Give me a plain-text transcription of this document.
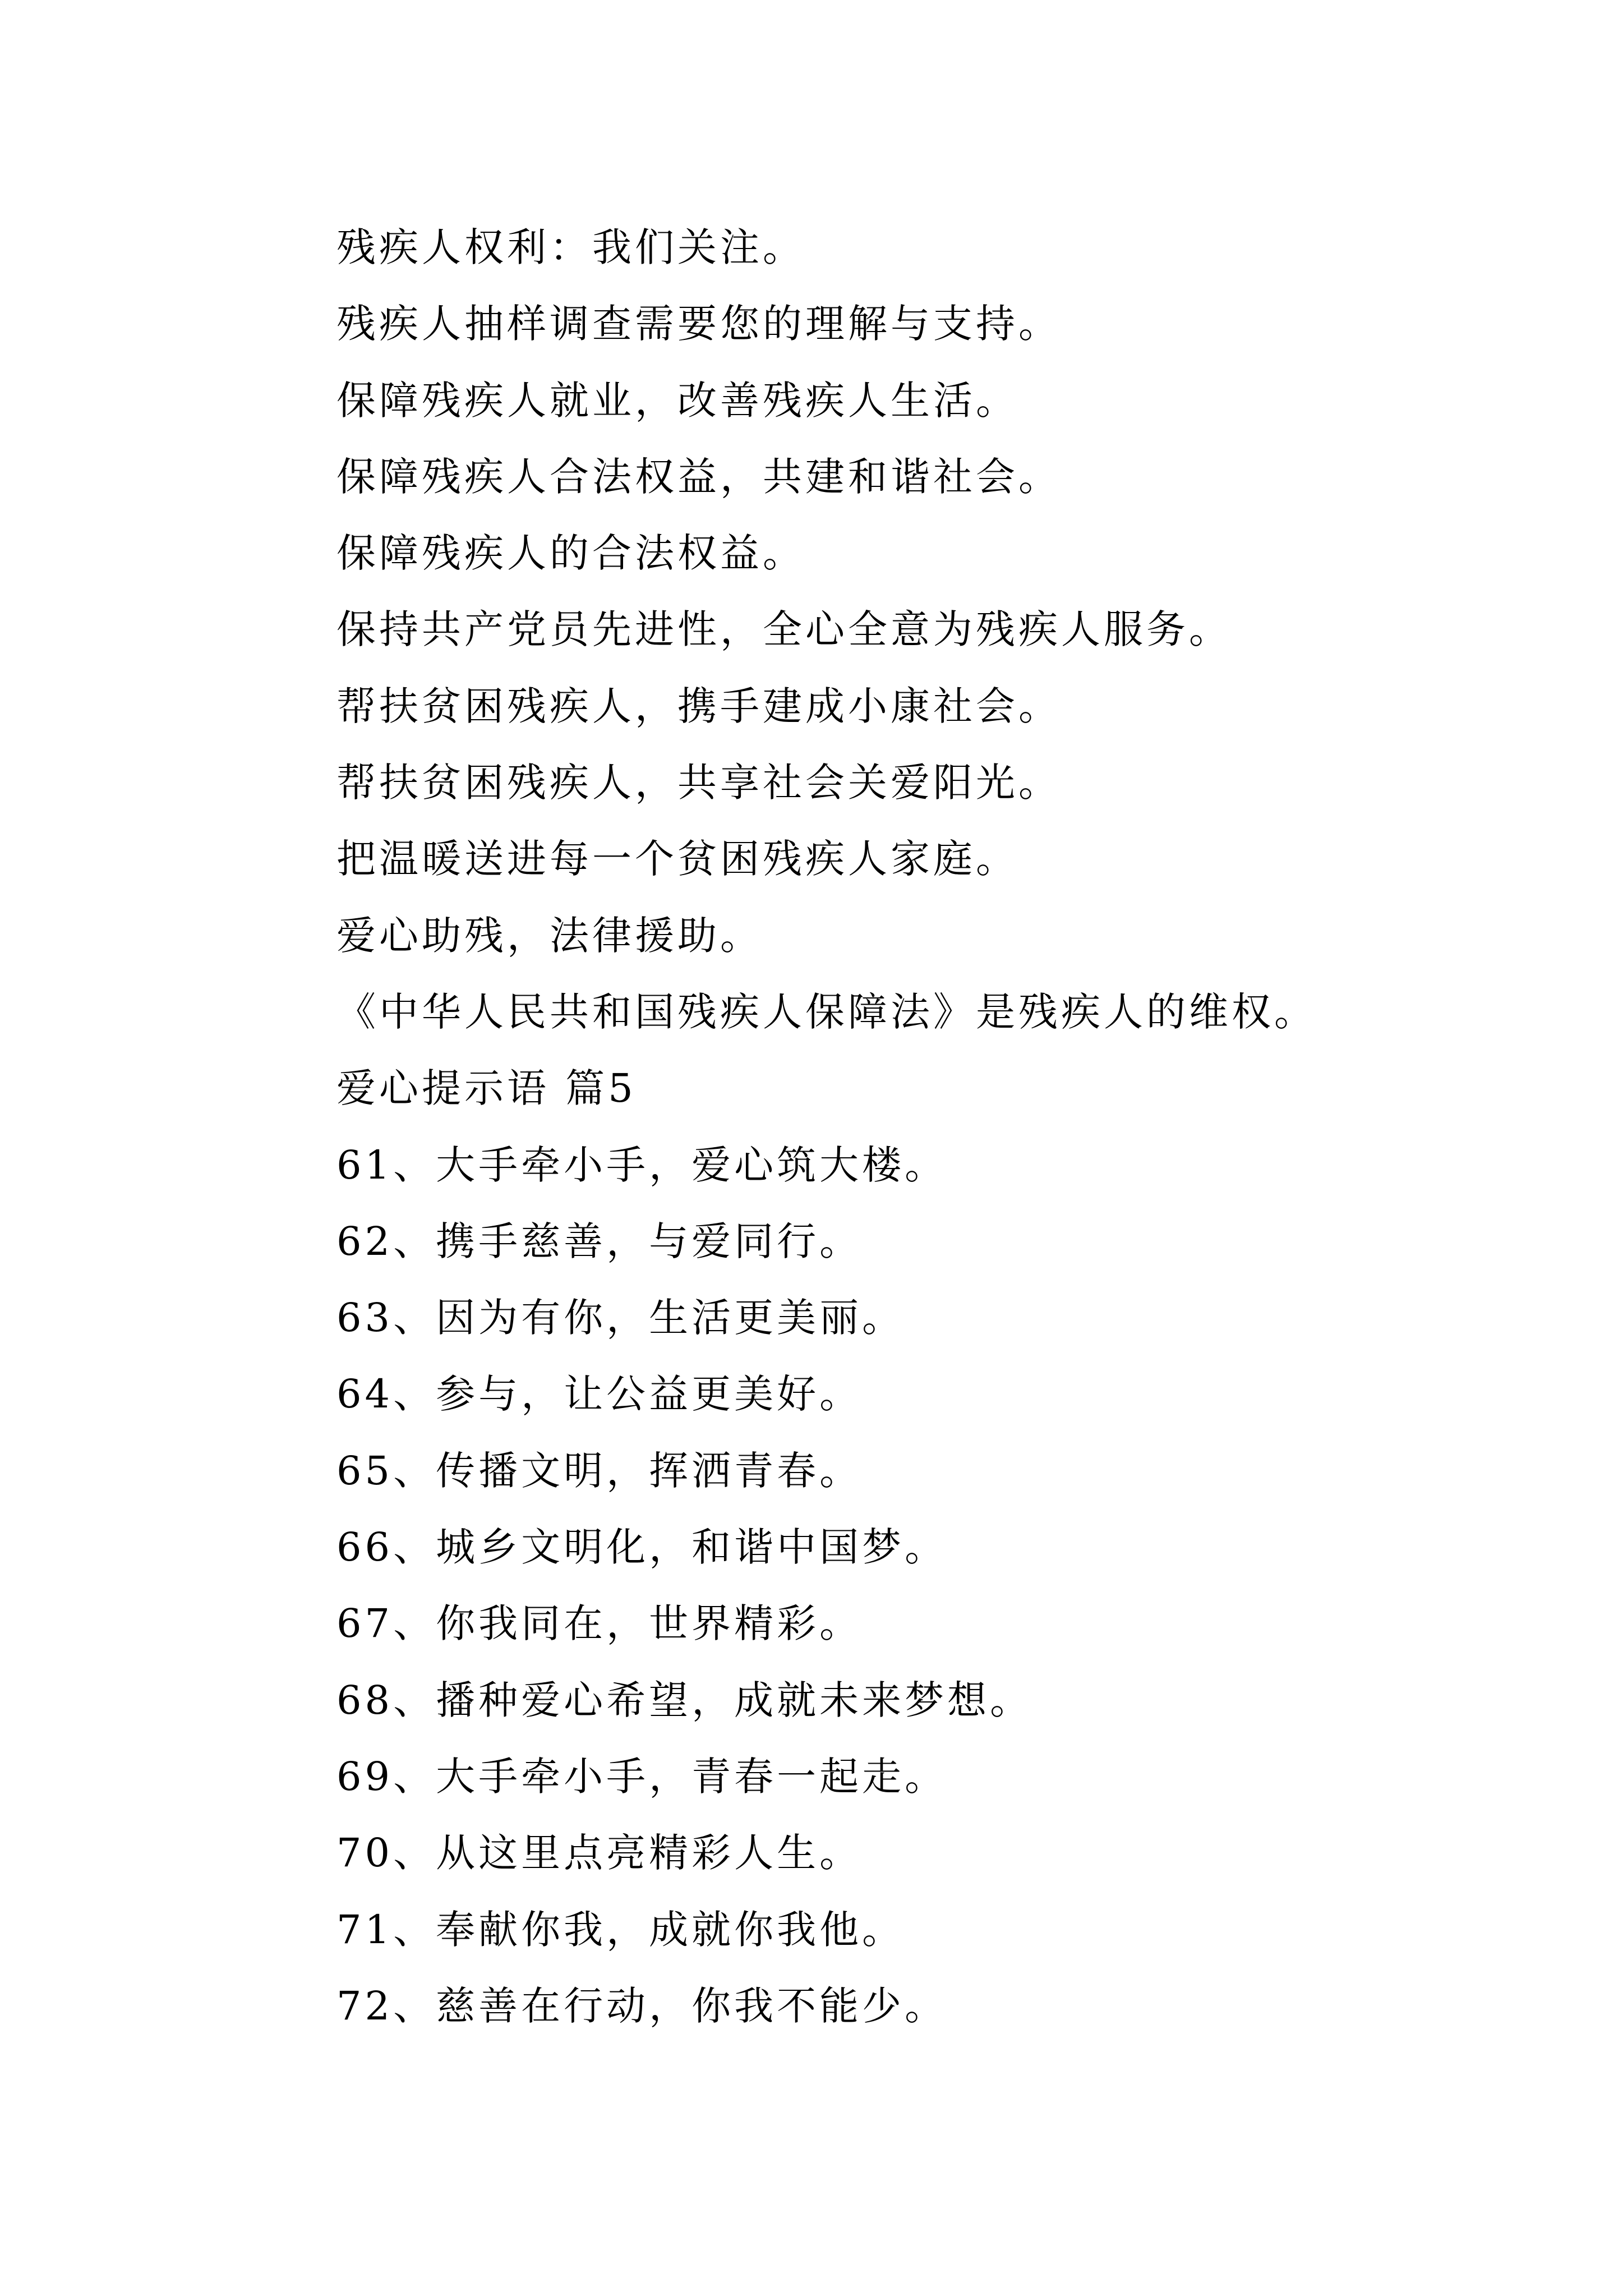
残疾人权利：我们关注。
残疾人抽样调查需要您的理解与支持。
保障残疾人就业，改善残疾人生活。
保障残疾人合法权益，共建和谐社会。
保障残疾人的合法权益。
保持共产党员先进性，全心全意为残疾人服务。
帮扶贫困残疾人，携手建成小康社会。
帮扶贫困残疾人，共享社会关爱阳光。
把温暖送进每一个贫困残疾人家庭。
爱心助残，法律援助。
《中华人民共和国残疾人保障法》是残疾人的维权。
爱心提示语 篇5
61、大手牵小手，爱心筑大楼。
62、携手慈善，与爱同行。
63、因为有你，生活更美丽。
64、参与，让公益更美好。
65、传播文明，挥洒青春。
66、城乡文明化，和谐中国梦。
67、你我同在，世界精彩。
68、播种爱心希望，成就未来梦想。
69、大手牵小手，青春一起走。
70、从这里点亮精彩人生。
71、奉献你我，成就你我他。
72、慈善在行动，你我不能少。
